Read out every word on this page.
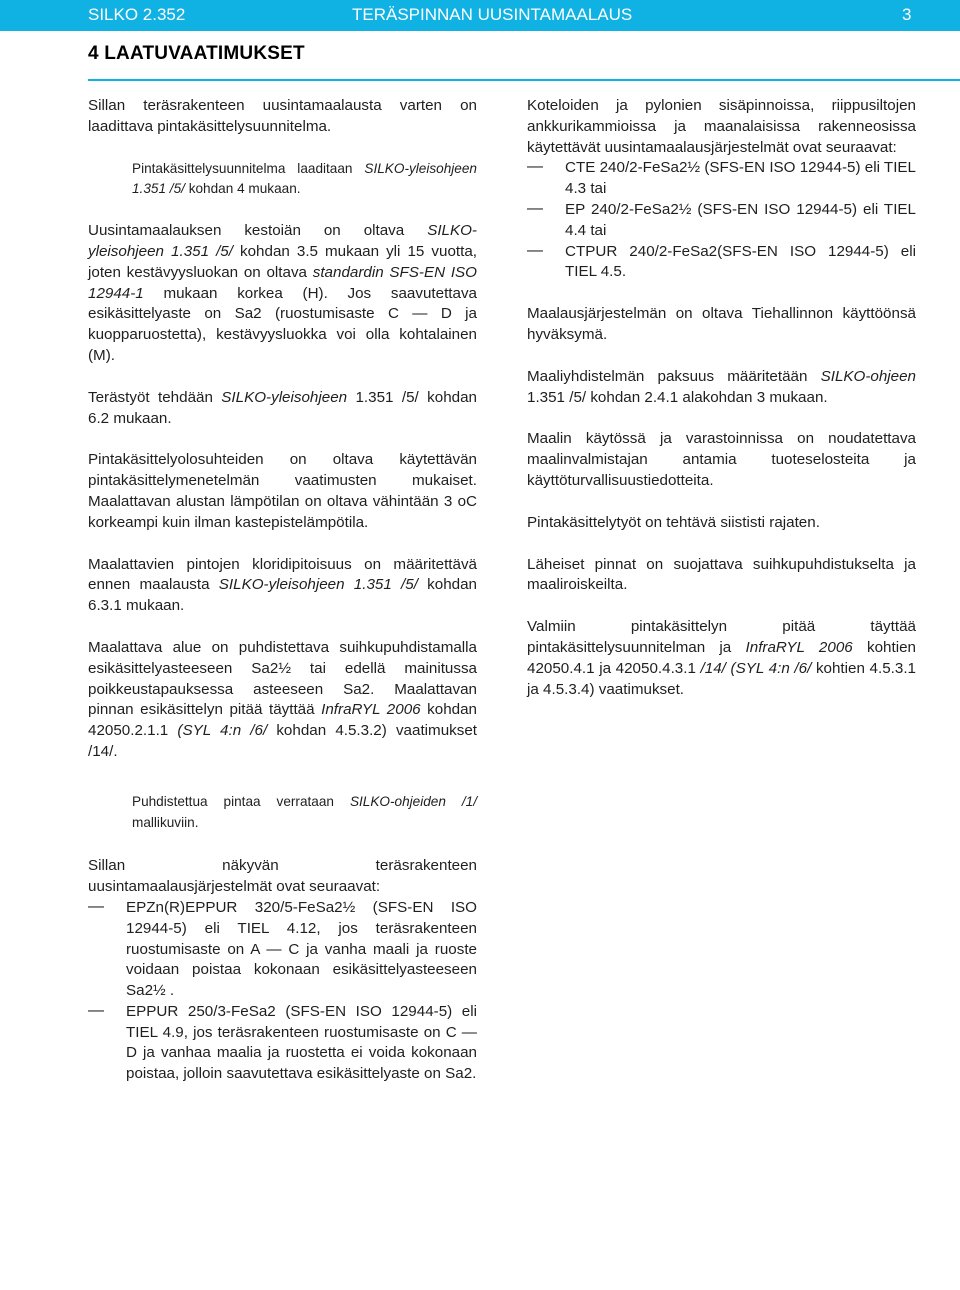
SILKO 2.352	TERÄSPINNAN UUSINTAMAALAUS	3
4 LAATUVAATIMUKSET

Sillan teräsrakenteen uusintamaalausta varten on laadittava pintakäsittelysuunnitelma.

Pintakäsittelysuunnitelma laaditaan SILKO-yleisohjeen 1.351 /5/ kohdan 4 mukaan.

Uusintamaalauksen kestoiän on oltava SILKO-yleisohjeen 1.351 /5/ kohdan 3.5 mukaan yli 15 vuotta, joten kestävyysluokan on oltava standardin SFS-EN ISO 12944-1 mukaan korkea (H). Jos saavutettava esikäsittelyaste on Sa2 (ruostumisaste C — D ja kuopparuostetta), kestävyysluokka voi olla kohtalainen (M).

Terästyöt tehdään SILKO-yleisohjeen 1.351 /5/ kohdan 6.2 mukaan.

Pintakäsittelyolosuhteiden on oltava käytettävän pintakäsittelymenetelmän vaatimusten mukaiset. Maalattavan alustan lämpötilan on oltava vähintään 3 oC korkeampi kuin ilman kastepistelämpötila.

Maalattavien pintojen kloridipitoisuus on määritettävä ennen maalausta SILKO-yleisohjeen 1.351 /5/ kohdan 6.3.1 mukaan.

Maalattava alue on puhdistettava suihkupuhdistamalla esikäsittelyasteeseen Sa2½ tai edellä mainitussa poikkeustapauksessa asteeseen Sa2. Maalattavan pinnan esikäsittelyn pitää täyttää InfraRYL 2006 kohdan 42050.2.1.1 (SYL 4:n /6/ kohdan 4.5.3.2) vaatimukset /14/.

Puhdistettua pintaa verrataan SILKO-ohjeiden /1/ mallikuviin.

Sillan näkyvän teräsrakenteen uusintamaalausjärjestelmät ovat seuraavat:

—	EPZn(R)EPPUR 320/5-FeSa2½ (SFS-EN ISO 12944-5) eli TIEL 4.12, jos teräsrakenteen ruostumisaste on A — C ja vanha maali ja ruoste voidaan poistaa kokonaan esikäsittelyasteeseen Sa2½ .

—	EPPUR 250/3-FeSa2 (SFS-EN ISO 12944-5) eli TIEL 4.9, jos teräsrakenteen ruostumisaste on C — D ja vanhaa maalia ja ruostetta ei voida kokonaan poistaa, jolloin saavutettava esikäsittelyaste on Sa2.

Koteloiden ja pylonien sisäpinnoissa, riippusiltojen ankkurikammioissa ja maanalaisissa rakenneosissa käytettävät uusintamaalausjärjestelmät ovat seuraavat:

—	CTE 240/2-FeSa2½ (SFS-EN ISO 12944-5) eli TIEL 4.3 tai

—	EP 240/2-FeSa2½ (SFS-EN ISO 12944-5) eli TIEL 4.4 tai

—	CTPUR 240/2-FeSa2(SFS-EN ISO 12944-5) eli TIEL 4.5.

Maalausjärjestelmän on oltava Tiehallinnon käyttöönsä hyväksymä.

Maaliyhdistelmän paksuus määritetään SILKO-ohjeen 1.351 /5/ kohdan 2.4.1 alakohdan 3 mukaan.

Maalin käytössä ja varastoinnissa on noudatettava maalinvalmistajan antamia tuoteselosteita ja käyttöturvallisuustiedotteita.

Pintakäsittelytyöt on tehtävä siististi rajaten.

Läheiset pinnat on suojattava suihkupuhdistukselta ja maaliroiskeilta.

Valmiin pintakäsittelyn pitää täyttää pintakäsittelysuunnitelman ja InfraRYL 2006 kohtien 42050.4.1 ja 42050.4.3.1 /14/ (SYL 4:n /6/ kohtien 4.5.3.1 ja 4.5.3.4) vaatimukset.
